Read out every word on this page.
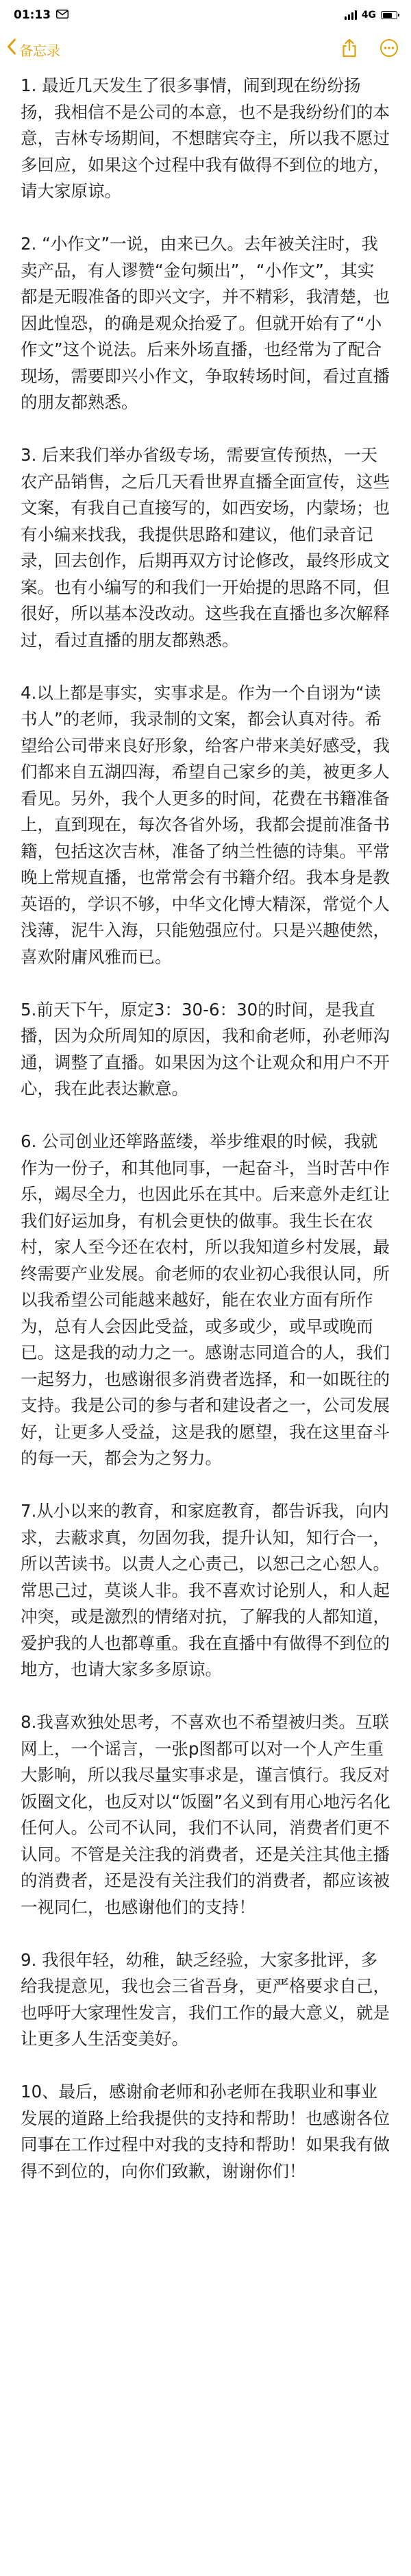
01:13	4G
备忘录

1. 最近几天发生了很多事情，闹到现在纷纷扬扬，我相信不是公司的本意，也不是我纷纷们的本意，吉林专场期间，不想瞎宾夺主，所以我不愿过多回应，如果这个过程中我有做得不到位的地方，请大家原谅。

2. “小作文”一说，由来已久。去年被关注时，我卖产品，有人谬赞“金句频出”，“小作文”，其实都是无暇准备的即兴文字，并不精彩，我清楚，也因此惶恐，的确是观众抬爱了。但就开始有了“小作文”这个说法。后来外场直播，也经常为了配合现场，需要即兴小作文，争取转场时间，看过直播的朋友都熟悉。

3. 后来我们举办省级专场，需要宣传预热，一天农产品销售，之后几天看世界直播全面宣传，这些文案，有我自己直接写的，如西安场，内蒙场；也有小编来找我，我提供思路和建议，他们录音记录，回去创作，后期再双方讨论修改，最终形成文案。也有小编写的和我们一开始提的思路不同，但很好，所以基本没改动。这些我在直播也多次解释过，看过直播的朋友都熟悉。

4.以上都是事实，实事求是。作为一个自诩为“读书人”的老师，我录制的文案，都会认真对待。希望给公司带来良好形象，给客户带来美好感受，我们都来自五湖四海，希望自己家乡的美，被更多人看见。另外，我个人更多的时间，花费在书籍准备上，直到现在，每次各省外场，我都会提前准备书籍，包括这次吉林，准备了纳兰性德的诗集。平常晚上常规直播，也常常会有书籍介绍。我本身是教英语的，学识不够，中华文化博大精深，常觉个人浅薄，泥牛入海，只能勉强应付。只是兴趣使然，喜欢附庸风雅而已。

5.前天下午，原定3：30-6：30的时间，是我直播，因为众所周知的原因，我和俞老师，孙老师沟通，调整了直播。如果因为这个让观众和用户不开心，我在此表达歉意。

6. 公司创业还筚路蓝缕，举步维艰的时候，我就作为一份子，和其他同事，一起奋斗，当时苦中作乐，竭尽全力，也因此乐在其中。后来意外走红让我们好运加身，有机会更快的做事。我生长在农村，家人至今还在农村，所以我知道乡村发展，最终需要产业发展。俞老师的农业初心我很认同，所以我希望公司能越来越好，能在农业方面有所作为，总有人会因此受益，或多或少，或早或晚而已。这是我的动力之一。感谢志同道合的人，我们一起努力，也感谢很多消费者选择，和一如既往的支持。我是公司的参与者和建设者之一，公司发展好，让更多人受益，这是我的愿望，我在这里奋斗的每一天，都会为之努力。

7.从小以来的教育，和家庭教育，都告诉我，向内求，去蔽求真，勿固勿我，提升认知，知行合一，所以苦读书。以责人之心责己，以恕己之心恕人。常思己过，莫谈人非。我不喜欢讨论别人，和人起冲突，或是激烈的情绪对抗，了解我的人都知道，爱护我的人也都尊重。我在直播中有做得不到位的地方，也请大家多多原谅。

8.我喜欢独处思考，不喜欢也不希望被归类。互联网上，一个谣言，一张p图都可以对一个人产生重大影响，所以我尽量实事求是，谨言慎行。我反对饭圈文化，也反对以“饭圈”名义到有用心地污名化任何人。公司不认同，我们不认同，消费者们更不认同。不管是关注我的消费者，还是关注其他主播的消费者，还是没有关注我们的消费者，都应该被一视同仁，也感谢他们的支持！

9. 我很年轻，幼稚，缺乏经验，大家多批评，多给我提意见，我也会三省吾身，更严格要求自己，也呼吁大家理性发言，我们工作的最大意义，就是让更多人生活变美好。

10、最后，感谢俞老师和孙老师在我职业和事业发展的道路上给我提供的支持和帮助！也感谢各位同事在工作过程中对我的支持和帮助！如果我有做得不到位的，向你们致歉，谢谢你们！
